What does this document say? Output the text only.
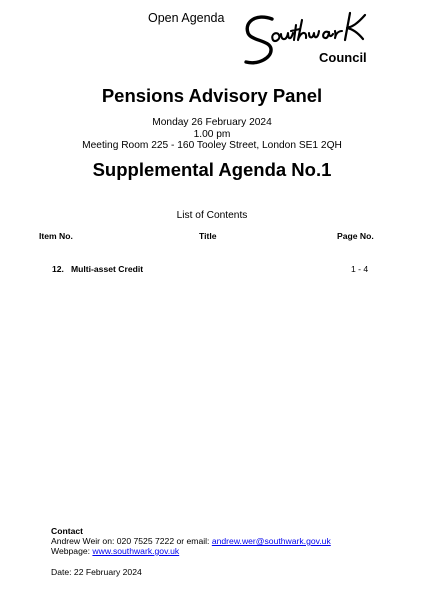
Open Agenda
Council
Pensions Advisory Panel
Monday 26 February 2024
1.00 pm
Meeting Room 225 - 160 Tooley Street, London SE1 2QH
Supplemental Agenda No.1
List of Contents
Item No.	Title	Page No.
12. Multi-asset Credit	1 - 4
Contact
Andrew Weir on: 020 7525 7222 or email: andrew.wer@southwark.gov.uk
Webpage: www.southwark.gov.uk
Date: 22 February 2024
